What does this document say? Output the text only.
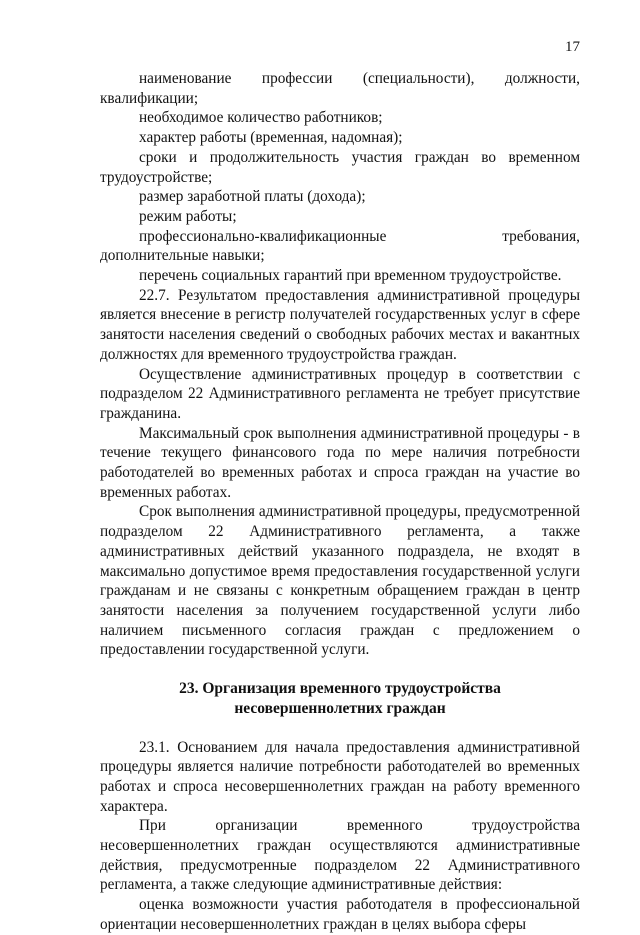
17

наименование профессии (специальности), должности, квалификации;

необходимое количество работников;

характер работы (временная, надомная);

сроки и продолжительность участия граждан во временном трудоустройстве;

размер заработной платы (дохода);

режим работы;

профессионально-квалификационные требования, дополнительные навыки;

перечень социальных гарантий при временном трудоустройстве.

22.7. Результатом предоставления административной процедуры является внесение в регистр получателей государственных услуг в сфере занятости населения сведений о свободных рабочих местах и вакантных должностях для временного трудоустройства граждан.

Осуществление административных процедур в соответствии с подразделом 22 Административного регламента не требует присутствие гражданина.

Максимальный срок выполнения административной процедуры - в течение текущего финансового года по мере наличия потребности работодателей во временных работах и спроса граждан на участие во временных работах.

Срок выполнения административной процедуры, предусмотренной подразделом 22 Административного регламента, а также административных действий указанного подраздела, не входят в максимально допустимое время предоставления государственной услуги гражданам и не связаны с конкретным обращением граждан в центр занятости населения за получением государственной услуги либо наличием письменного согласия граждан с предложением о предоставлении государственной услуги.

23. Организация временного трудоустройства
несовершеннолетних граждан

23.1. Основанием для начала предоставления административной процедуры является наличие потребности работодателей во временных работах и спроса несовершеннолетних граждан на работу временного характера.

При организации временного трудоустройства несовершеннолетних граждан осуществляются административные действия, предусмотренные подразделом 22 Административного регламента, а также следующие административные действия:

оценка возможности участия работодателя в профессиональной ориентации несовершеннолетних граждан в целях выбора сферы
